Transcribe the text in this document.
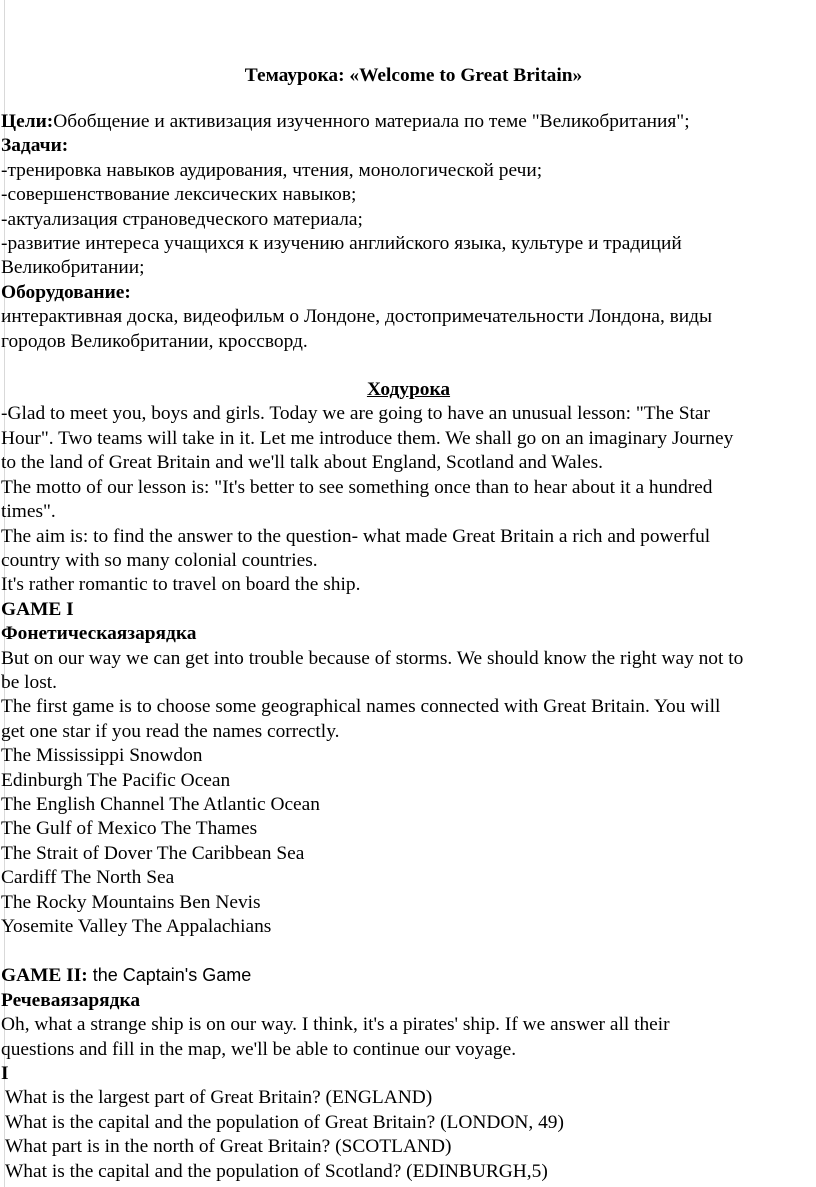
Темаурока: «Welcome to Great Britain»

Цели:Обобщение и активизация изученного материала по теме "Великобритания";

Задачи:

-тренировка навыков аудирования, чтения, монологической речи;

-совершенствование лексических навыков;

-актуализация страноведческого материала;

-развитие интереса учащихся к изучению английского языка, культуре и традиций

Великобритании;

Оборудование:

интерактивная доска, видеофильм о Лондоне, достопримечательности Лондона, виды

городов Великобритании, кроссворд.

Ходурока

-Glad to meet you, boys and girls. Today we are going to have an unusual lesson: "The Star

Hour". Two teams will take in it. Let me introduce them. We shall go on an imaginary Journey

to the land of Great Britain and we'll talk about England, Scotland and Wales.

The motto of our lesson is: "It's better to see something once than to hear about it a hundred

times".

The aim is: to find the answer to the question- what made Great Britain a rich and powerful

country with so many colonial countries.

It's rather romantic to travel on board the ship.

GAME I

Фонетическаязарядка

But on our way we can get into trouble because of storms. We should know the right way not to

be lost.

The first game is to choose some geographical names connected with Great Britain. You will

get one star if you read the names correctly.

The Mississippi Snowdon

Edinburgh The Pacific Ocean

The English Channel The Atlantic Ocean

The Gulf of Mexico The Thames

The Strait of Dover The Caribbean Sea

Cardiff The North Sea

The Rocky Mountains Ben Nevis

Yosemite Valley The Appalachians

GAME II: the Captain's Game

Речеваязарядка

Oh, what a strange ship is on our way. I think, it's a pirates' ship. If we answer all their

questions and fill in the map, we'll be able to continue our voyage.

I

What is the largest part of Great Britain? (ENGLAND)

What is the capital and the population of Great Britain? (LONDON, 49)

What part is in the north of Great Britain? (SCOTLAND)

What is the capital and the population of Scotland? (EDINBURGH,5)
